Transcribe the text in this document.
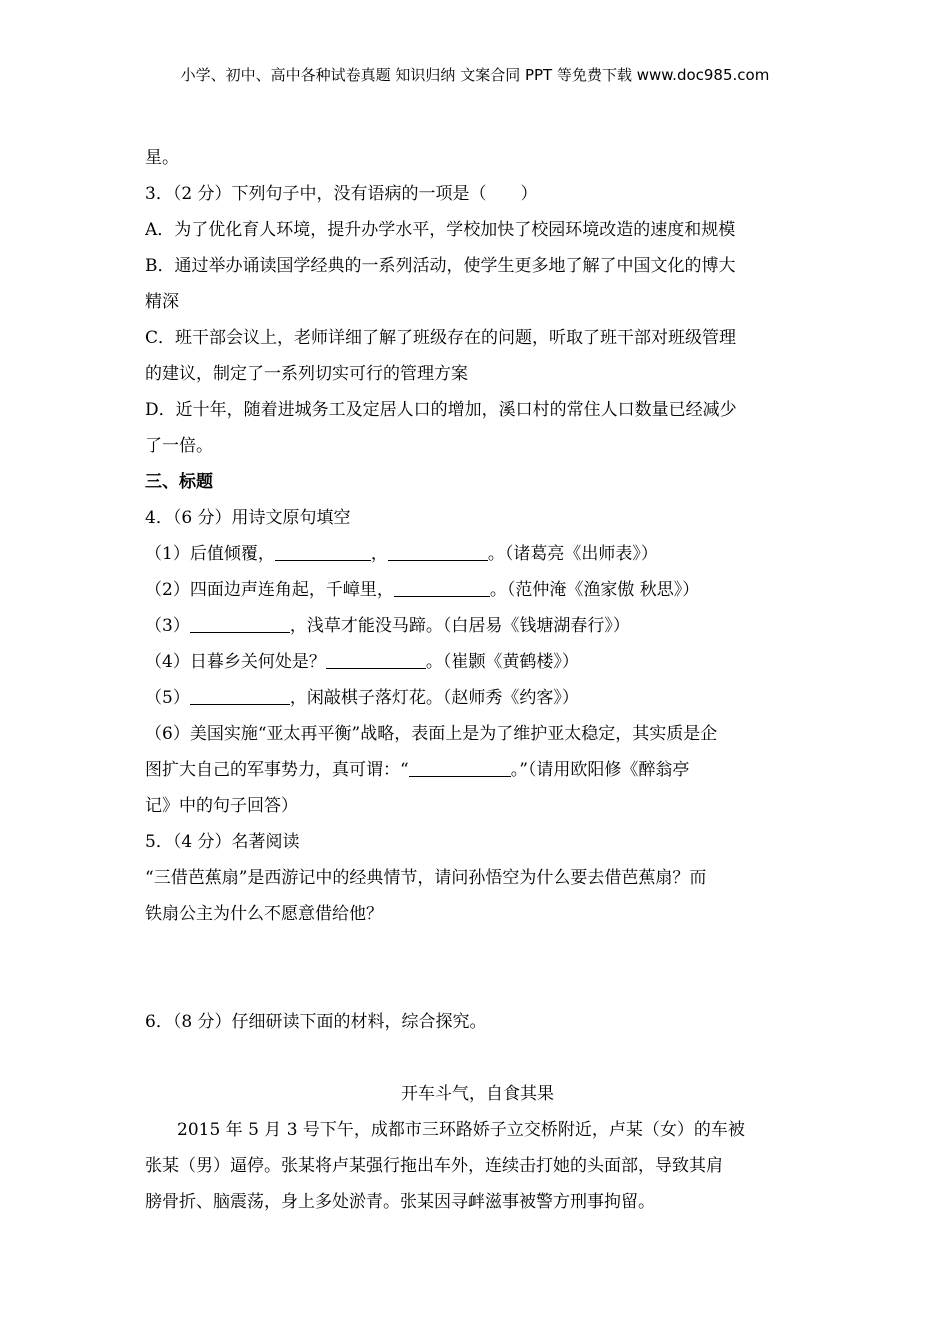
小学、初中、高中各种试卷真题 知识归纳 文案合同 PPT 等免费下载 www.doc985.com
星。
3．（2 分）下列句子中，没有语病的一项是（　　）
A．为了优化育人环境，提升办学水平，学校加快了校园环境改造的速度和规模
B．通过举办诵读国学经典的一系列活动，使学生更多地了解了中国文化的博大
精深
C．班干部会议上，老师详细了解了班级存在的问题，听取了班干部对班级管理
的建议，制定了一系列切实可行的管理方案
D．近十年，随着进城务工及定居人口的增加，溪口村的常住人口数量已经减少
了一倍。
三、标题
4．（6 分）用诗文原句填空
（1）后值倾覆，	，	。（诸葛亮《出师表》）
（2）四面边声连角起，千嶂里，	。（范仲淹《渔家傲 秋思》）
（3）	，浅草才能没马蹄。（白居易《钱塘湖春行》）
（4）日暮乡关何处是？	。（崔颢《黄鹤楼》）
（5）	，闲敲棋子落灯花。（赵师秀《约客》）
（6）美国实施“亚太再平衡”战略，表面上是为了维护亚太稳定，其实质是企
图扩大自己的军事势力，真可谓：“	。”（请用欧阳修《醉翁亭
记》中的句子回答）
5．（4 分）名著阅读
“三借芭蕉扇”是西游记中的经典情节，请问孙悟空为什么要去借芭蕉扇？而
铁扇公主为什么不愿意借给他？
6．（8 分）仔细研读下面的材料，综合探究。
开车斗气，自食其果
2015 年 5 月 3 号下午，成都市三环路娇子立交桥附近，卢某（女）的车被
张某（男）逼停。张某将卢某强行拖出车外，连续击打她的头面部，导致其肩
膀骨折、脑震荡，身上多处淤青。张某因寻衅滋事被警方刑事拘留。
